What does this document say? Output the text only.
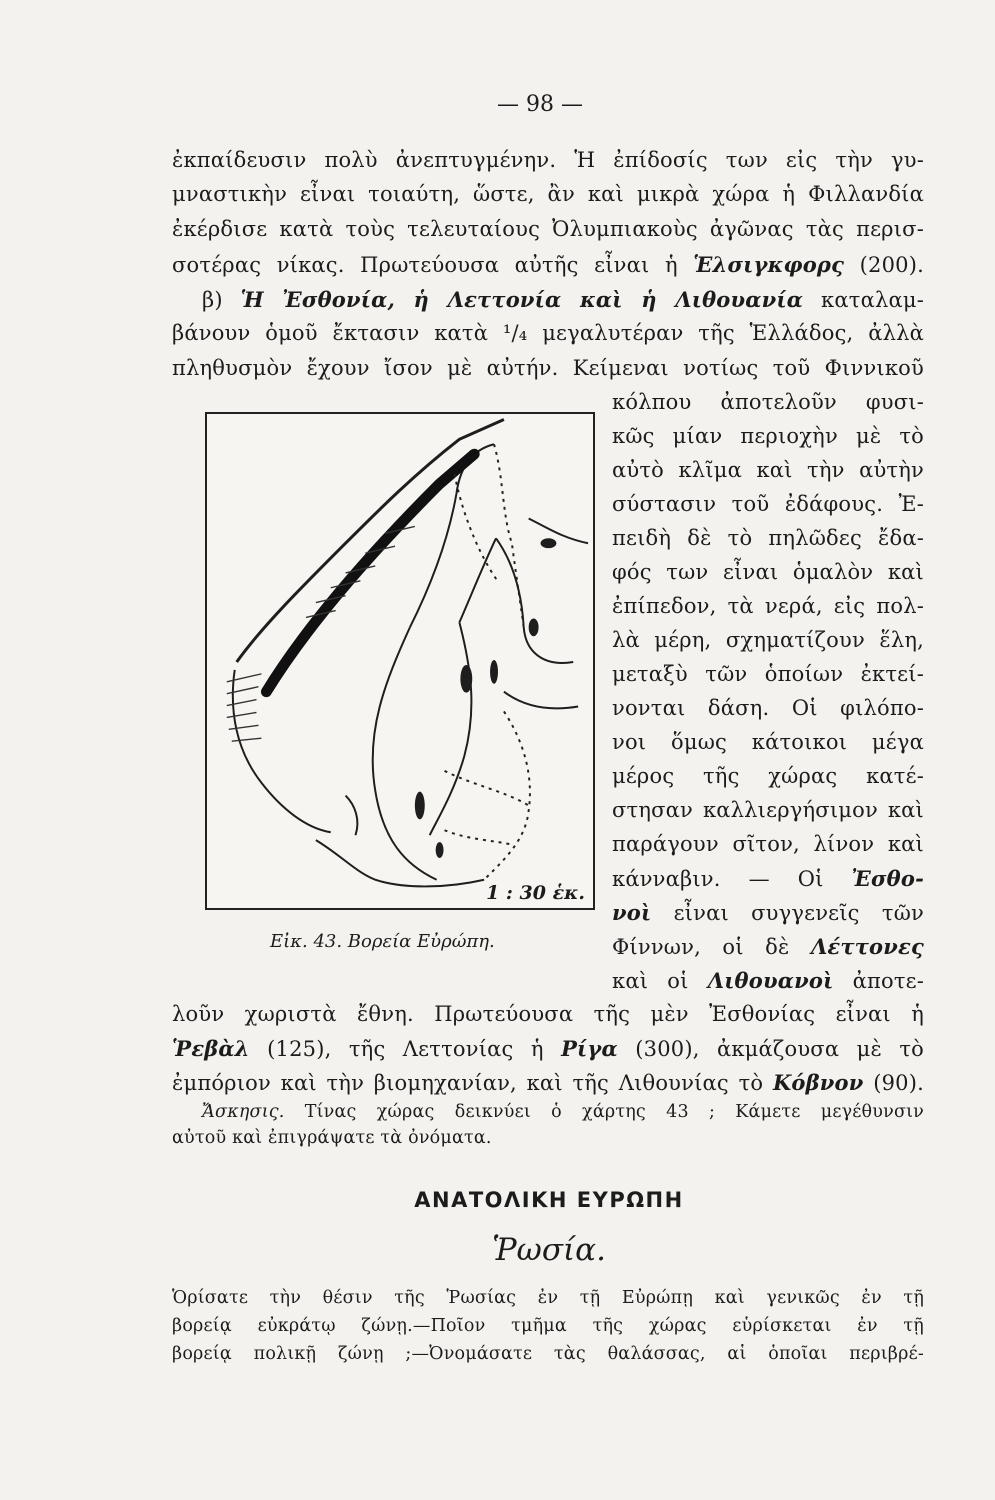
— 98 —
ἐκπαίδευσιν πολὺ ἀνεπτυγμένην. Ἡ ἐπίδοσίς των εἰς τὴν γυ-
μναστικὴν εἶναι τοιαύτη, ὥστε, ἂν καὶ μικρὰ χώρα ἡ Φιλλανδία
ἐκέρδισε κατὰ τοὺς τελευταίους Ὀλυμπιακοὺς ἀγῶνας τὰς περισ-
σοτέρας νίκας. Πρωτεύουσα αὐτῆς εἶναι ἡ Ἑλσιγκφορς (200).
β) Ἡ Ἐσθονία, ἡ Λεττονία καὶ ἡ Λιθουανία καταλαμ-
βάνουν ὁμοῦ ἔκτασιν κατὰ ¹/₄ μεγαλυτέραν τῆς Ἑλλάδος, ἀλλὰ
πληθυσμὸν ἔχουν ἴσον μὲ αὐτήν. Κείμεναι νοτίως τοῦ Φιννικοῦ
κόλπου ἀποτελοῦν φυσι-
κῶς μίαν περιοχὴν μὲ τὸ
αὐτὸ κλῖμα καὶ τὴν αὐτὴν
σύστασιν τοῦ ἐδάφους. Ἐ-
πειδὴ δὲ τὸ πηλῶδες ἔδα-
φός των εἶναι ὁμαλὸν καὶ
ἐπίπεδον, τὰ νερά, εἰς πολ-
λὰ μέρη, σχηματίζουν ἕλη,
μεταξὺ τῶν ὁποίων ἐκτεί-
νονται δάση. Οἱ φιλόπο-
νοι ὅμως κάτοικοι μέγα
μέρος τῆς χώρας κατέ-
στησαν καλλιεργήσιμον καὶ
παράγουν σῖτον, λίνον καὶ
κάνναβιν. — Οἱ Ἐσθο-
νοὶ εἶναι συγγενεῖς τῶν
Φίννων, οἱ δὲ Λέττονες
καὶ οἱ Λιθουανοὶ ἀποτε-
1 : 30 ἑκ.
Εἰκ. 43. Βορεία Εὐρώπη.
λοῦν χωριστὰ ἔθνη. Πρωτεύουσα τῆς μὲν Ἐσθονίας εἶναι ἡ
Ῥεβὰλ (125), τῆς Λεττονίας ἡ Ρίγα (300), ἀκμάζουσα μὲ τὸ
ἐμπόριον καὶ τὴν βιομηχανίαν, καὶ τῆς Λιθουνίας τὸ Κόβνον (90).
Ἄσκησις. Τίνας χώρας δεικνύει ὁ χάρτης 43 ; Κάμετε μεγέθυνσιν
αὐτοῦ καὶ ἐπιγράψατε τὰ ὀνόματα.
ΑΝΑΤΟΛΙΚΗ ΕΥΡΩΠΗ
Ῥωσία.
Ὁρίσατε τὴν θέσιν τῆς Ῥωσίας ἐν τῇ Εὐρώπῃ καὶ γενικῶς ἐν τῇ
βορείᾳ εὐκράτῳ ζώνῃ.—Ποῖον τμῆμα τῆς χώρας εὑρίσκεται ἐν τῇ
βορείᾳ πολικῇ ζώνῃ ;—Ὀνομάσατε τὰς θαλάσσας, αἱ ὁποῖαι περιβρέ-
